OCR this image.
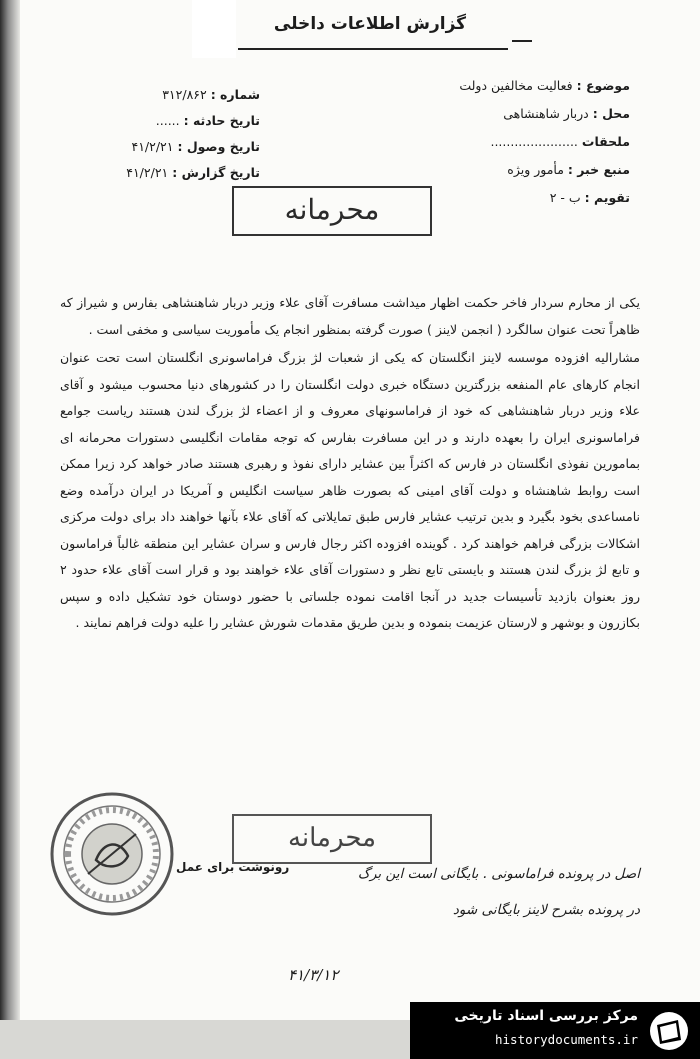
گزارش اطلاعات داخلی
موضوع : فعالیت مخالفین دولت
محل : دربار شاهنشاهی
ملحقات ......................
منبع خبر : مأمور ویژه
تقویم : ب - ۲
شماره : ۳۱۲/۸۶۲
تاریخ حادثه : ......
تاریخ وصول : ۴۱/۲/۲۱
تاریخ گزارش : ۴۱/۲/۲۱
محرمانه

یکی از محارم سردار فاخر حکمت اظهار میداشت مسافرت آقای علاء وزیر دربار شاهنشاهی بفارس و شیراز که ظاهراً تحت عنوان سالگرد ( انجمن لاینز ) صورت گرفته بمنظور انجام یک مأموریت سیاسی و مخفی است .

مشارالیه افزوده موسسه لاینز انگلستان که یکی از شعبات لژ بزرگ فراماسونری انگلستان است تحت عنوان انجام کارهای عام المنفعه بزرگترین دستگاه خبری دولت انگلستان را در کشورهای دنیا محسوب میشود و آقای علاء وزیر دربار شاهنشاهی که خود از فراماسونهای معروف و از اعضاء لژ بزرگ لندن هستند ریاست جوامع فراماسونری ایران را بعهده دارند و در این مسافرت بفارس که توجه مقامات انگلیسی دستورات محرمانه ای بمامورین نفوذی انگلستان در فارس که اکثراً بین عشایر دارای نفوذ و رهبری هستند صادر خواهد کرد زیرا ممکن است روابط شاهنشاه و دولت آقای امینی که بصورت ظاهر سیاست انگلیس و آمریکا در ایران درآمده وضع نامساعدی بخود بگیرد و بدین ترتیب عشایر فارس طبق تمایلاتی که آقای علاء بآنها خواهند داد برای دولت مرکزی اشکالات بزرگی فراهم خواهند کرد . گوینده افزوده اکثر رجال فارس و سران عشایر این منطقه غالباً فراماسون و تابع لژ بزرگ لندن هستند و بایستی تابع نظر و دستورات آقای علاء خواهند بود و قرار است آقای علاء حدود ۲ روز بعنوان بازدید تأسیسات جدید در آنجا اقامت نموده جلساتی با حضور دوستان خود تشکیل داده و سپس بکازرون و بوشهر و لارستان عزیمت بنموده و بدین طریق مقدمات شورش عشایر را علیه دولت فراهم نمایند .

رونوشت برای عمل
محرمانه
اصل در پرونده فراماسونی . بایگانی است این برگ
در پرونده بشرح لاینز بایگانی شود
۴۱/۳/۱۲
مرکز بررسی اسناد تاریخی
historydocuments.ir
